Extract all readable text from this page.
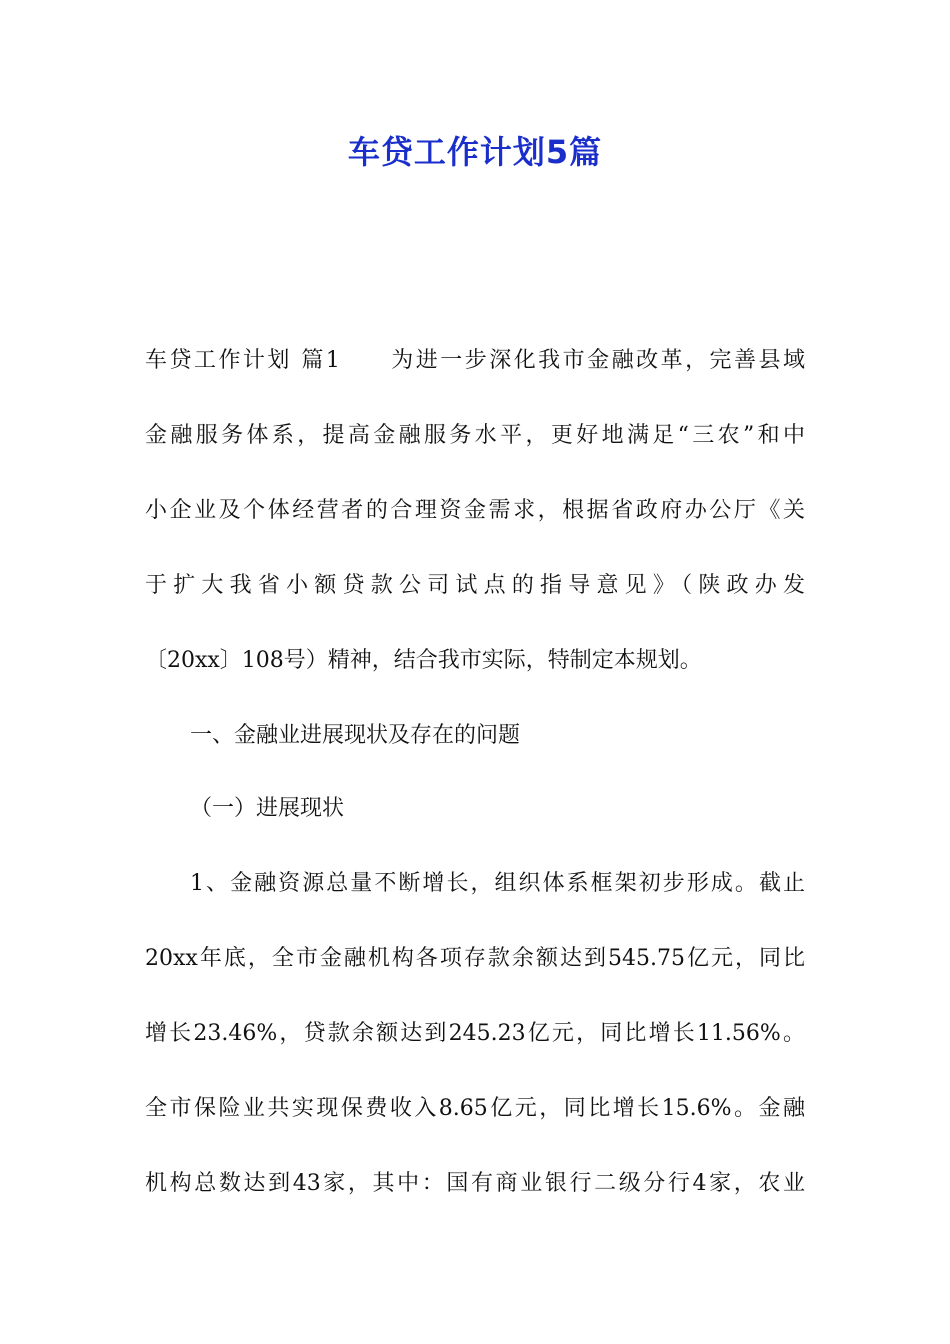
车贷工作计划5篇
车贷工作计划 篇1　　为进一步深化我市金融改革，完善县域
金融服务体系，提高金融服务水平，更好地满足“三农”和中
小企业及个体经营者的合理资金需求，根据省政府办公厅《关
于扩大我省小额贷款公司试点的指导意见》（陕政办发
〔20xx〕108号）精神，结合我市实际，特制定本规划。
一、金融业进展现状及存在的问题
（一）进展现状
1、金融资源总量不断增长，组织体系框架初步形成。截止
20xx年底，全市金融机构各项存款余额达到545.75亿元，同比
增长23.46%，贷款余额达到245.23亿元，同比增长11.56%。
全市保险业共实现保费收入8.65亿元，同比增长15.6%。金融
机构总数达到43家，其中：国有商业银行二级分行4家，农业
